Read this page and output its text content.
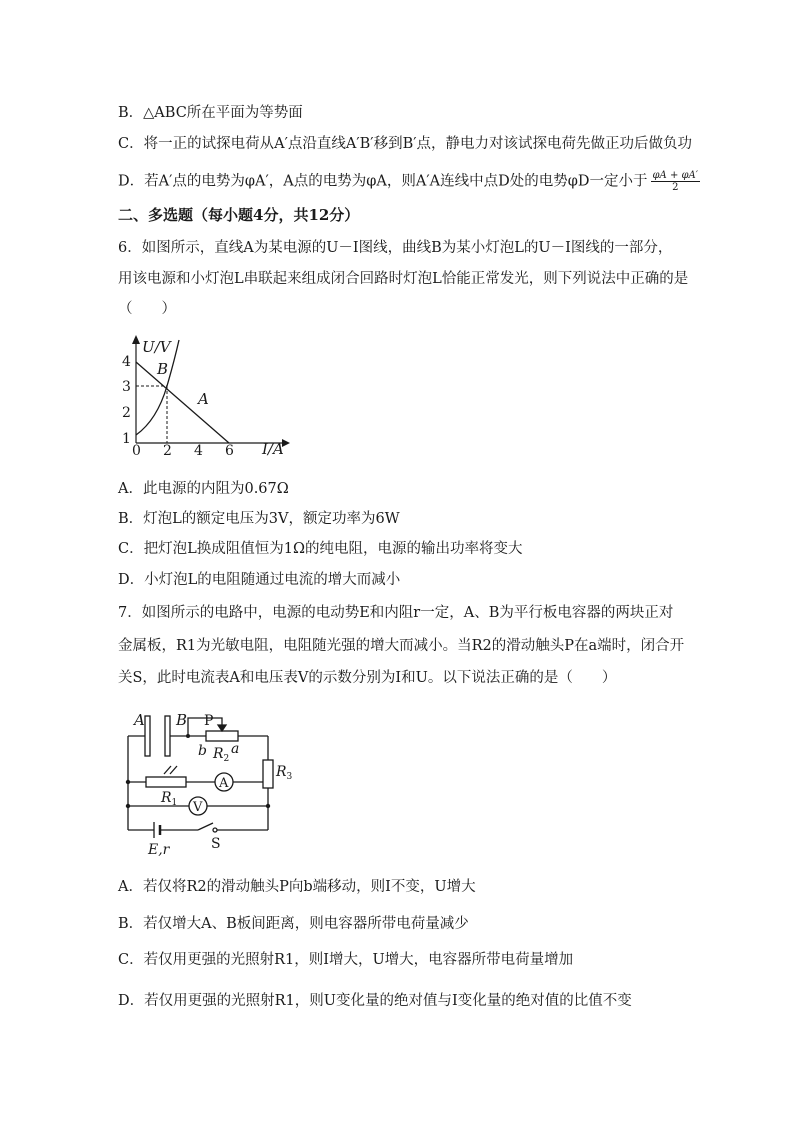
B．△ABC所在平面为等势面
C．将一正的试探电荷从A′点沿直线A′B′移到B′点，静电力对该试探电荷先做正功后做负功
D．若A′点的电势为φA′，A点的电势为φA，则A′A连线中点D处的电势φD一定小于 $\frac{\varphi A + \varphi A'}{2}$
二、多选题（每小题4分，共12分）
6．如图所示，直线A为某电源的U－I图线，曲线B为某小灯泡L的U－I图线的一部分，
用该电源和小灯泡L串联起来组成闭合回路时灯泡L恰能正常发光，则下列说法中正确的是
（　　）
U/V
I/A
4
3
2
1
0 2 4 6
B
A
A．此电源的内阻为0.67Ω
B．灯泡L的额定电压为3V，额定功率为6W
C．把灯泡L换成阻值恒为1Ω的纯电阻，电源的输出功率将变大
D．小灯泡L的电阻随通过电流的增大而减小
7．如图所示的电路中，电源的电动势E和内阻r一定，A、B为平行板电容器的两块正对
金属板，R1为光敏电阻，电阻随光强的增大而减小。当R2的滑动触头P在a端时，闭合开
关S，此时电流表A和电压表V的示数分别为I和U。以下说法正确的是（　　）
A B P
b $R_2$
a
$R_3$
$R_1$
A
V
E,r	S
A．若仅将R2的滑动触头P向b端移动，则I不变，U增大
B．若仅增大A、B板间距离，则电容器所带电荷量减少
C．若仅用更强的光照射R1，则I增大，U增大，电容器所带电荷量增加
D．若仅用更强的光照射R1，则U变化量的绝对值与I变化量的绝对值的比值不变
